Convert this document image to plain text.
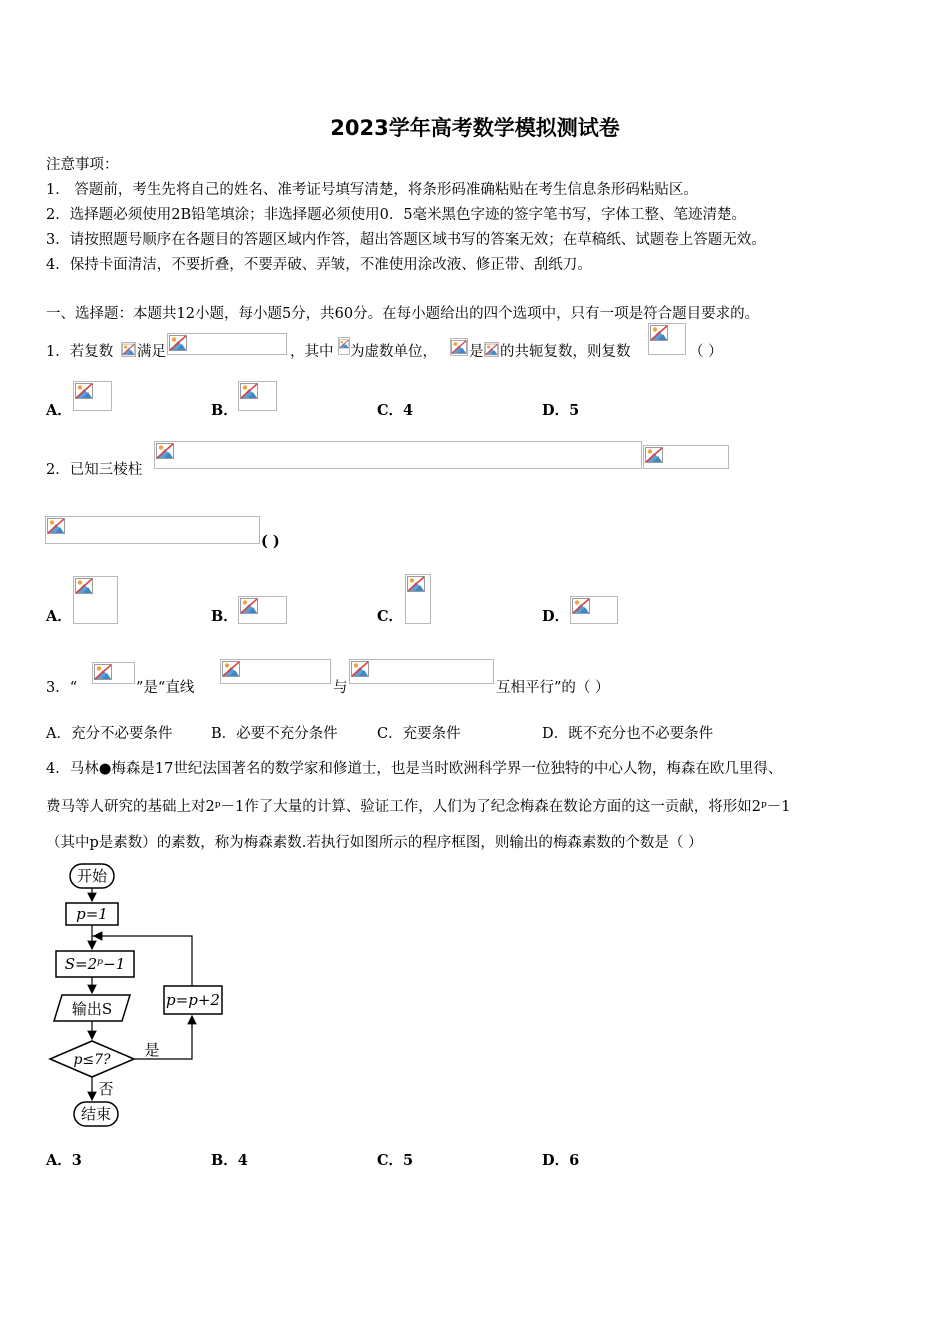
2023学年高考数学模拟测试卷
注意事项：
1． 答题前，考生先将自己的姓名、准考证号填写清楚，将条形码准确粘贴在考生信息条形码粘贴区。
2．选择题必须使用2B铅笔填涂；非选择题必须使用0．5毫米黑色字迹的签字笔书写，字体工整、笔迹清楚。
3．请按照题号顺序在各题目的答题区域内作答，超出答题区域书写的答案无效；在草稿纸、试题卷上答题无效。
4．保持卡面清洁，不要折叠，不要弄破、弄皱，不准使用涂改液、修正带、刮纸刀。
一、选择题：本题共12小题，每小题5分，共60分。在每小题给出的四个选项中，只有一项是符合题目要求的。
1．若复数 满足	，其中 为虚数单位， 是 的共轭复数，则复数	（ ）
A．	B．	C．4	D．5
2．已知三棱柱
( )
A．	B．	C．	D．
3．“	”是“直线	与	互相平行”的（ ）
A．充分不必要条件	B．必要不充分条件	C．充要条件	D．既不充分也不必要条件
4．马林●梅森是17世纪法国著名的数学家和修道士，也是当时欧洲科学界一位独特的中心人物，梅森在欧几里得、
费马等人研究的基础上对2ᵖ－1作了大量的计算、验证工作，人们为了纪念梅森在数论方面的这一贡献，将形如2ᵖ－1
（其中p是素数）的素数，称为梅森素数.若执行如图所示的程序框图，则输出的梅森素数的个数是（ ）
开始
p=1
S=2ᵖ−1
输出S
p≤7?
是
p=p+2
否
结束
A．3	B．4	C．5	D．6
